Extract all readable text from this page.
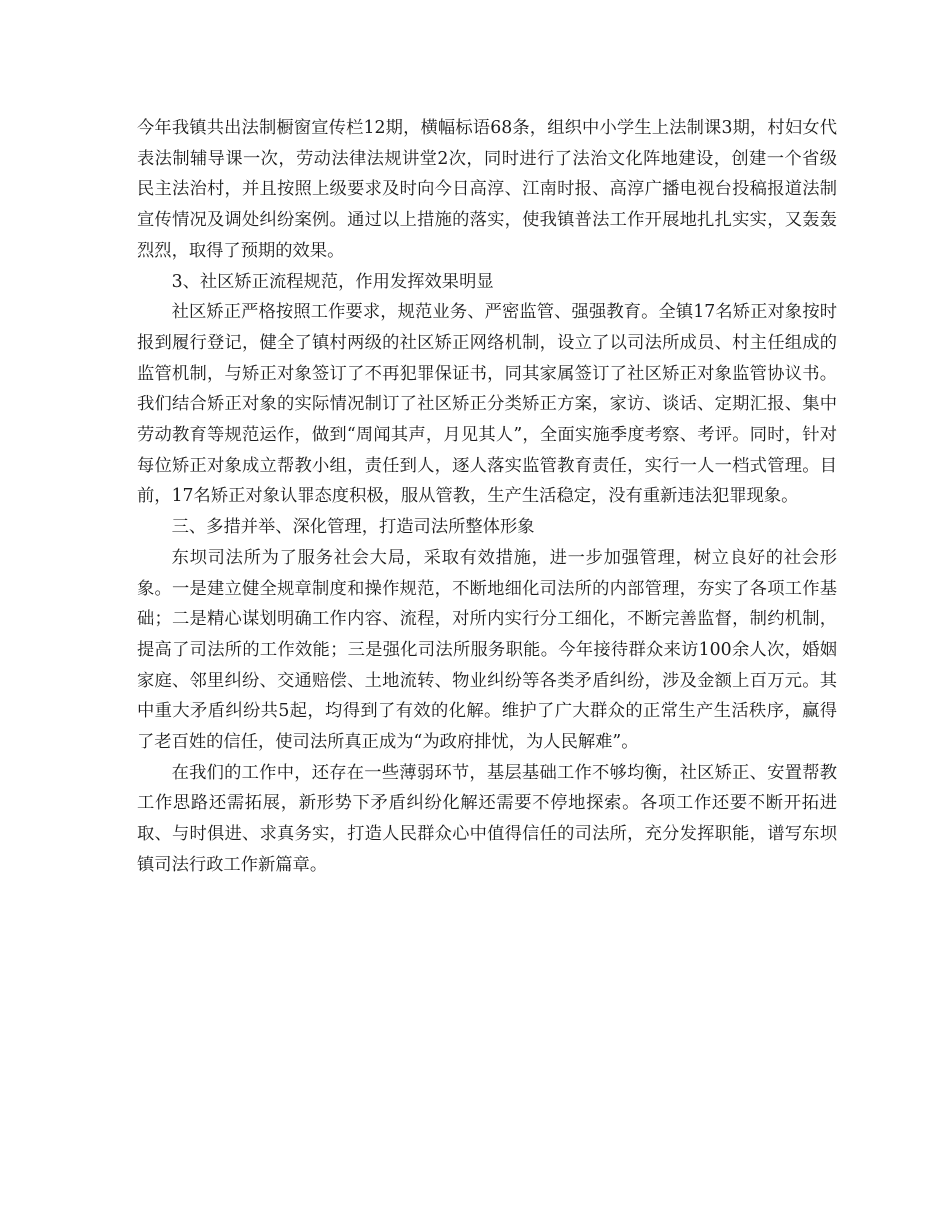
今年我镇共出法制橱窗宣传栏12期，横幅标语68条，组织中小学生上法制课3期，村妇女代表法制辅导课一次，劳动法律法规讲堂2次，同时进行了法治文化阵地建设，创建一个省级民主法治村，并且按照上级要求及时向今日高淳、江南时报、高淳广播电视台投稿报道法制宣传情况及调处纠纷案例。通过以上措施的落实，使我镇普法工作开展地扎扎实实，又轰轰烈烈，取得了预期的效果。

3、社区矫正流程规范，作用发挥效果明显

社区矫正严格按照工作要求，规范业务、严密监管、强强教育。全镇17名矫正对象按时报到履行登记，健全了镇村两级的社区矫正网络机制，设立了以司法所成员、村主任组成的监管机制，与矫正对象签订了不再犯罪保证书，同其家属签订了社区矫正对象监管协议书。我们结合矫正对象的实际情况制订了社区矫正分类矫正方案，家访、谈话、定期汇报、集中劳动教育等规范运作，做到“周闻其声，月见其人”，全面实施季度考察、考评。同时，针对每位矫正对象成立帮教小组，责任到人，逐人落实监管教育责任，实行一人一档式管理。目前，17名矫正对象认罪态度积极，服从管教，生产生活稳定，没有重新违法犯罪现象。

三、多措并举、深化管理，打造司法所整体形象

东坝司法所为了服务社会大局，采取有效措施，进一步加强管理，树立良好的社会形象。一是建立健全规章制度和操作规范，不断地细化司法所的内部管理，夯实了各项工作基础；二是精心谋划明确工作内容、流程，对所内实行分工细化，不断完善监督，制约机制，提高了司法所的工作效能；三是强化司法所服务职能。今年接待群众来访100余人次，婚姻家庭、邻里纠纷、交通赔偿、土地流转、物业纠纷等各类矛盾纠纷，涉及金额上百万元。其中重大矛盾纠纷共5起，均得到了有效的化解。维护了广大群众的正常生产生活秩序，赢得了老百姓的信任，使司法所真正成为“为政府排忧，为人民解难”。

在我们的工作中，还存在一些薄弱环节，基层基础工作不够均衡，社区矫正、安置帮教工作思路还需拓展，新形势下矛盾纠纷化解还需要不停地探索。各项工作还要不断开拓进取、与时俱进、求真务实，打造人民群众心中值得信任的司法所，充分发挥职能，谱写东坝镇司法行政工作新篇章。
